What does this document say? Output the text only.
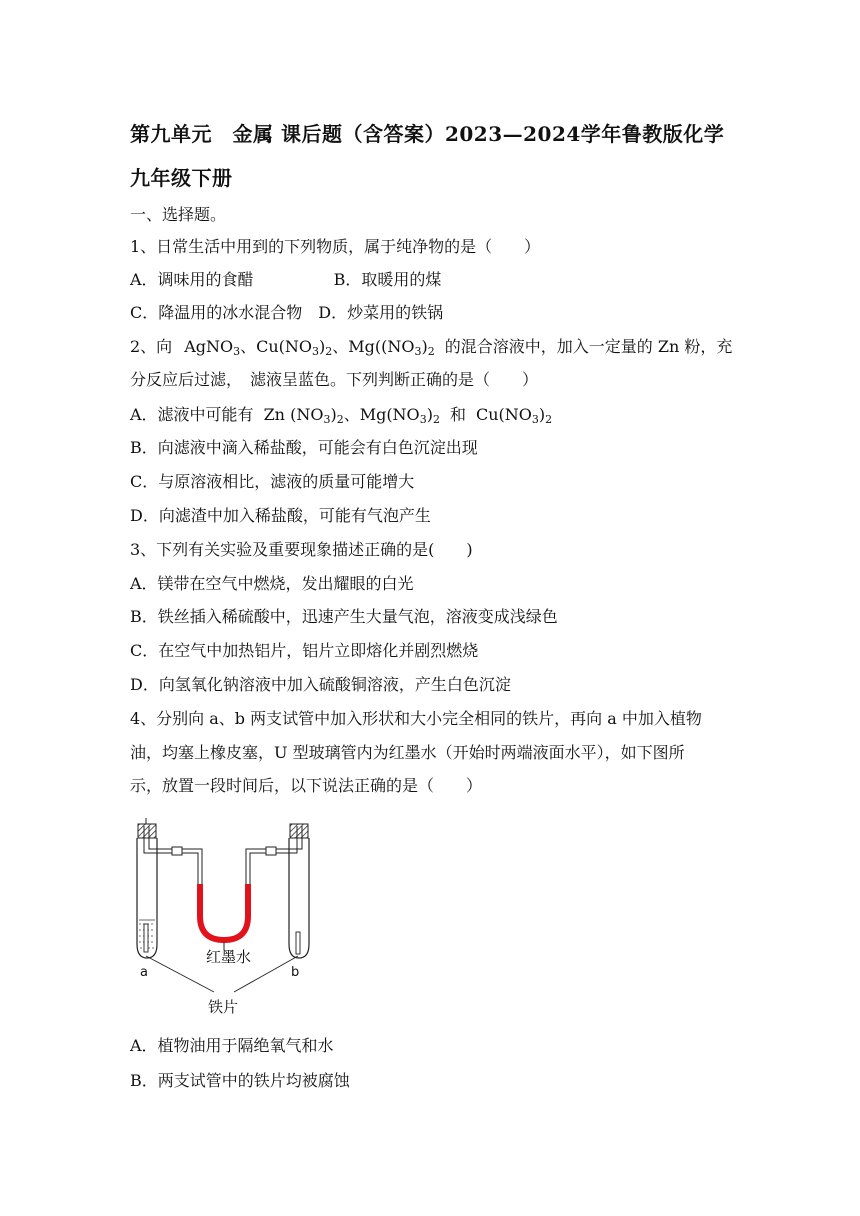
第九单元　金属 课后题（含答案）2023—2024学年鲁教版化学九年级下册
一、选择题。
1、日常生活中用到的下列物质，属于纯净物的是（　　）
A．调味用的食醋	B．取暖用的煤
C．降温用的冰水混合物 D．炒菜用的铁锅
2、向 AgNO$_3$、$Cu(NO_3)_2$、$Mg((NO_3)_2$ 的混合溶液中，加入一定量的 Zn 粉，充
分反应后过滤，　滤液呈蓝色。下列判断正确的是（　　）
A．滤液中可能有 Zn $(NO_3)_2$、$Mg(NO_3)_2$ 和 $Cu(NO_3)_2$
B．向滤液中滴入稀盐酸，可能会有白色沉淀出现
C．与原溶液相比，滤液的质量可能增大
D．向滤渣中加入稀盐酸，可能有气泡产生
3、下列有关实验及重要现象描述正确的是(　　)
A．镁带在空气中燃烧，发出耀眼的白光
B．铁丝插入稀硫酸中，迅速产生大量气泡，溶液变成浅绿色
C．在空气中加热铝片，铝片立即熔化并剧烈燃烧
D．向氢氧化钠溶液中加入硫酸铜溶液，产生白色沉淀
4、分别向 a、b 两支试管中加入形状和大小完全相同的铁片，再向 a 中加入植物
油，均塞上橡皮塞，U 型玻璃管内为红墨水（开始时两端液面水平），如下图所
示，放置一段时间后，以下说法正确的是（　　）
红墨水
a	b
铁片
A．植物油用于隔绝氧气和水
B．两支试管中的铁片均被腐蚀
